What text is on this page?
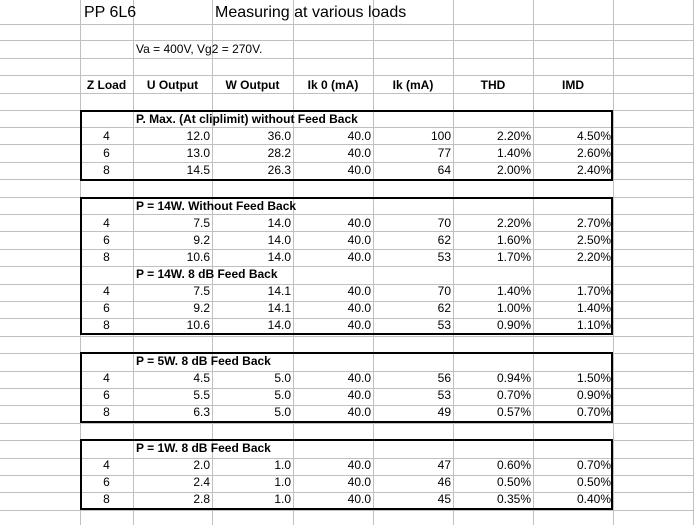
PP 6L6	Measuring at various loads
Va = 400V, Vg2 = 270V.
Z Load	U Output	W Output	Ik 0 (mA)	Ik (mA)	THD	IMD
P. Max. (At cliplimit) without Feed Back
4	12.0	36.0	40.0	100	2.20%	4.50%
6	13.0	28.2	40.0	77	1.40%	2.60%
8	14.5	26.3	40.0	64	2.00%	2.40%
P = 14W. Without Feed Back
4	7.5	14.0	40.0	70	2.20%	2.70%
6	9.2	14.0	40.0	62	1.60%	2.50%
8	10.6	14.0	40.0	53	1.70%	2.20%
P = 14W. 8 dB Feed Back
4	7.5	14.1	40.0	70	1.40%	1.70%
6	9.2	14.1	40.0	62	1.00%	1.40%
8	10.6	14.0	40.0	53	0.90%	1.10%
P = 5W. 8 dB Feed Back
4	4.5	5.0	40.0	56	0.94%	1.50%
6	5.5	5.0	40.0	53	0.70%	0.90%
8	6.3	5.0	40.0	49	0.57%	0.70%
P = 1W. 8 dB Feed Back
4	2.0	1.0	40.0	47	0.60%	0.70%
6	2.4	1.0	40.0	46	0.50%	0.50%
8	2.8	1.0	40.0	45	0.35%	0.40%
